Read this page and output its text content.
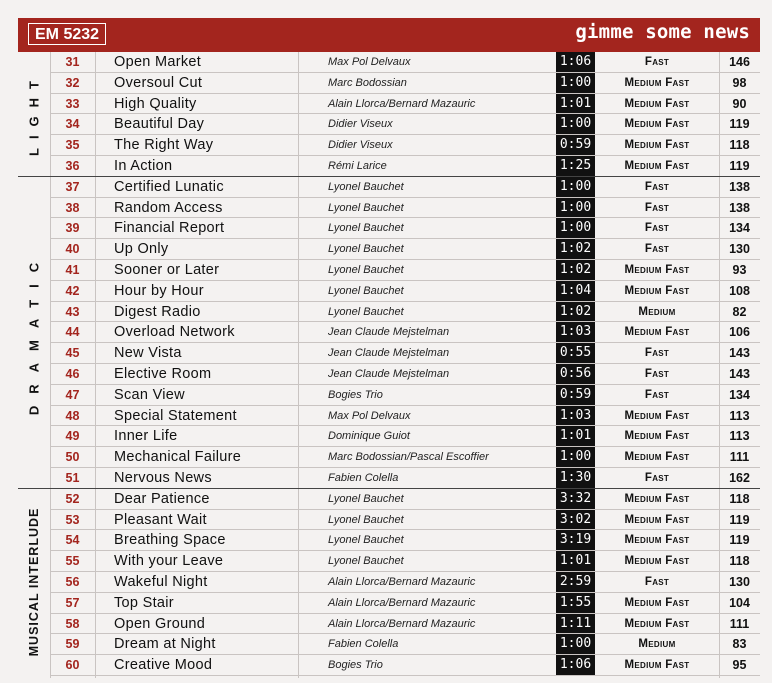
EM 5232	gimme some news
31	Open Market	Max Pol Delvaux	1:06	Fast	146
32	Oversoul Cut	Marc Bodossian	1:00	Medium Fast	98
33	High Quality	Alain Llorca/Bernard Mazauric	1:01	Medium Fast	90
34	Beautiful Day	Didier Viseux	1:00	Medium Fast	119
35	The Right Way	Didier Viseux	0:59	Medium Fast	118
36	In Action	Rémi Larice	1:25	Medium Fast	119
37	Certified Lunatic	Lyonel Bauchet	1:00	Fast	138
38	Random Access	Lyonel Bauchet	1:00	Fast	138
39	Financial Report	Lyonel Bauchet	1:00	Fast	134
40	Up Only	Lyonel Bauchet	1:02	Fast	130
41	Sooner or Later	Lyonel Bauchet	1:02	Medium Fast	93
42	Hour by Hour	Lyonel Bauchet	1:04	Medium Fast	108
43	Digest Radio	Lyonel Bauchet	1:02	Medium	82
44	Overload Network	Jean Claude Mejstelman	1:03	Medium Fast	106
45	New Vista	Jean Claude Mejstelman	0:55	Fast	143
46	Elective Room	Jean Claude Mejstelman	0:56	Fast	143
47	Scan View	Bogies Trio	0:59	Fast	134
48	Special Statement	Max Pol Delvaux	1:03	Medium Fast	113
49	Inner Life	Dominique Guiot	1:01	Medium Fast	113
50	Mechanical Failure	Marc Bodossian/Pascal Escoffier	1:00	Medium Fast	111
51	Nervous News	Fabien Colella	1:30	Fast	162
52	Dear Patience	Lyonel Bauchet	3:32	Medium Fast	118
53	Pleasant Wait	Lyonel Bauchet	3:02	Medium Fast	119
54	Breathing Space	Lyonel Bauchet	3:19	Medium Fast	119
55	With your Leave	Lyonel Bauchet	1:01	Medium Fast	118
56	Wakeful Night	Alain Llorca/Bernard Mazauric	2:59	Fast	130
57	Top Stair	Alain Llorca/Bernard Mazauric	1:55	Medium Fast	104
58	Open Ground	Alain Llorca/Bernard Mazauric	1:11	Medium Fast	111
59	Dream at Night	Fabien Colella	1:00	Medium	83
60	Creative Mood	Bogies Trio	1:06	Medium Fast	95
LIGHT
DRAMATIC
MUSICAL INTERLUDE
